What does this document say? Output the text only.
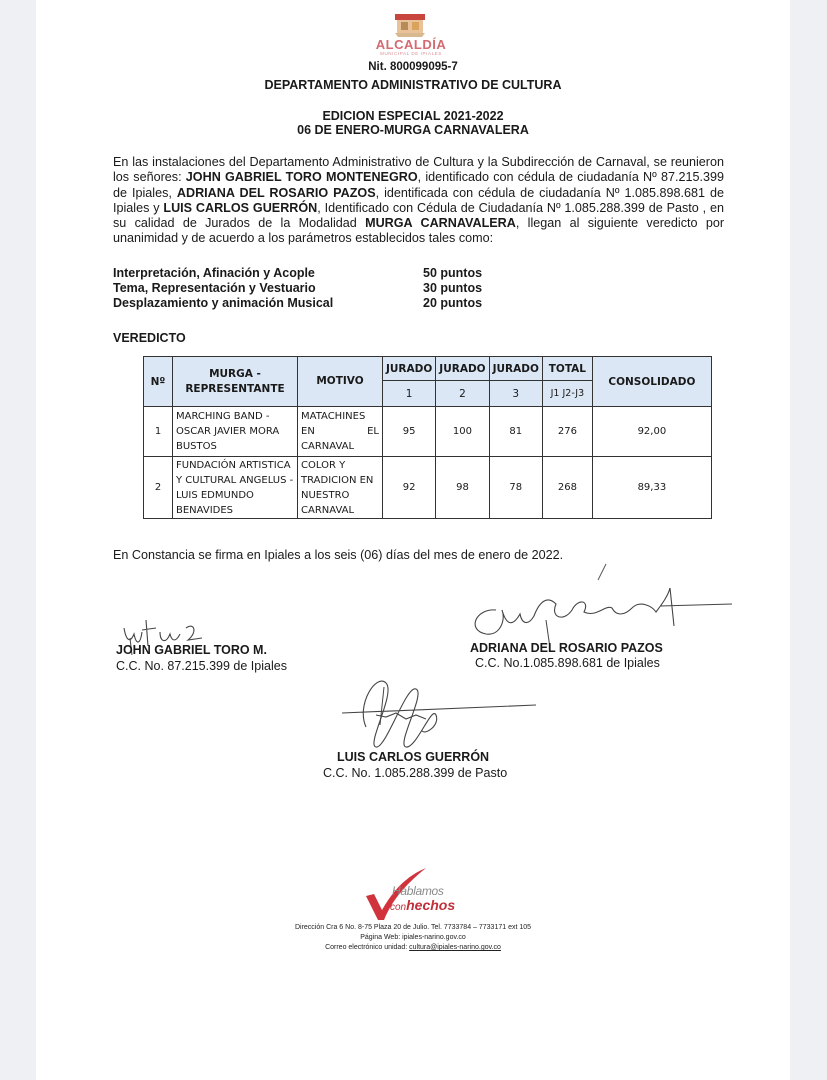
ALCALDÍA
MUNICIPAL DE IPIALES
Nit. 800099095-7
DEPARTAMENTO ADMINISTRATIVO DE CULTURA
EDICION ESPECIAL 2021-2022
06 DE ENERO-MURGA CARNAVALERA
En las instalaciones del Departamento Administrativo de Cultura y la Subdirección de Carnaval, se reunieron los señores: JOHN GABRIEL TORO MONTENEGRO, identificado con cédula de ciudadanía Nº 87.215.399 de Ipiales, ADRIANA DEL ROSARIO PAZOS, identificada con cédula de ciudadanía Nº 1.085.898.681 de Ipiales y LUIS CARLOS GUERRÓN, Identificado con Cédula de Ciudadanía Nº 1.085.288.399 de Pasto , en su calidad de Jurados de la Modalidad MURGA CARNAVALERA, llegan al siguiente veredicto por unanimidad y de acuerdo a los parámetros establecidos tales como:
Interpretación, Afinación y Acople	50 puntos
Tema, Representación y Vestuario	30 puntos
Desplazamiento y animación Musical	20 puntos
VEREDICTO
Nº	MURGA - REPRESENTANTE	MOTIVO	JURADO	JURADO	JURADO	TOTAL	CONSOLIDADO
			1	2	3	J1 J2-J3	
1	MARCHING BAND - OSCAR JAVIER MORA BUSTOS	MATACHINES EN EL CARNAVAL	95	100	81	276	92,00
2	FUNDACIÓN ARTISTICA Y CULTURAL ANGELUS - LUIS EDMUNDO BENAVIDES	COLOR Y TRADICION EN NUESTRO CARNAVAL	92	98	78	268	89,33
En Constancia se firma en Ipiales a los seis (06) días del mes de enero de 2022.
JOHN GABRIEL TORO M.
C.C. No. 87.215.399 de Ipiales
ADRIANA DEL ROSARIO PAZOS
C.C. No.1.085.898.681 de Ipiales
LUIS CARLOS GUERRÓN
C.C. No. 1.085.288.399 de Pasto
Hablamos
conhechos
Dirección Cra 6 No. 8-75 Plaza 20 de Julio. Tel. 7733784 – 7733171 ext 105
Página Web: ipiales-narino.gov.co
Correo electrónico unidad: cultura@ipiales-narino.gov.co
